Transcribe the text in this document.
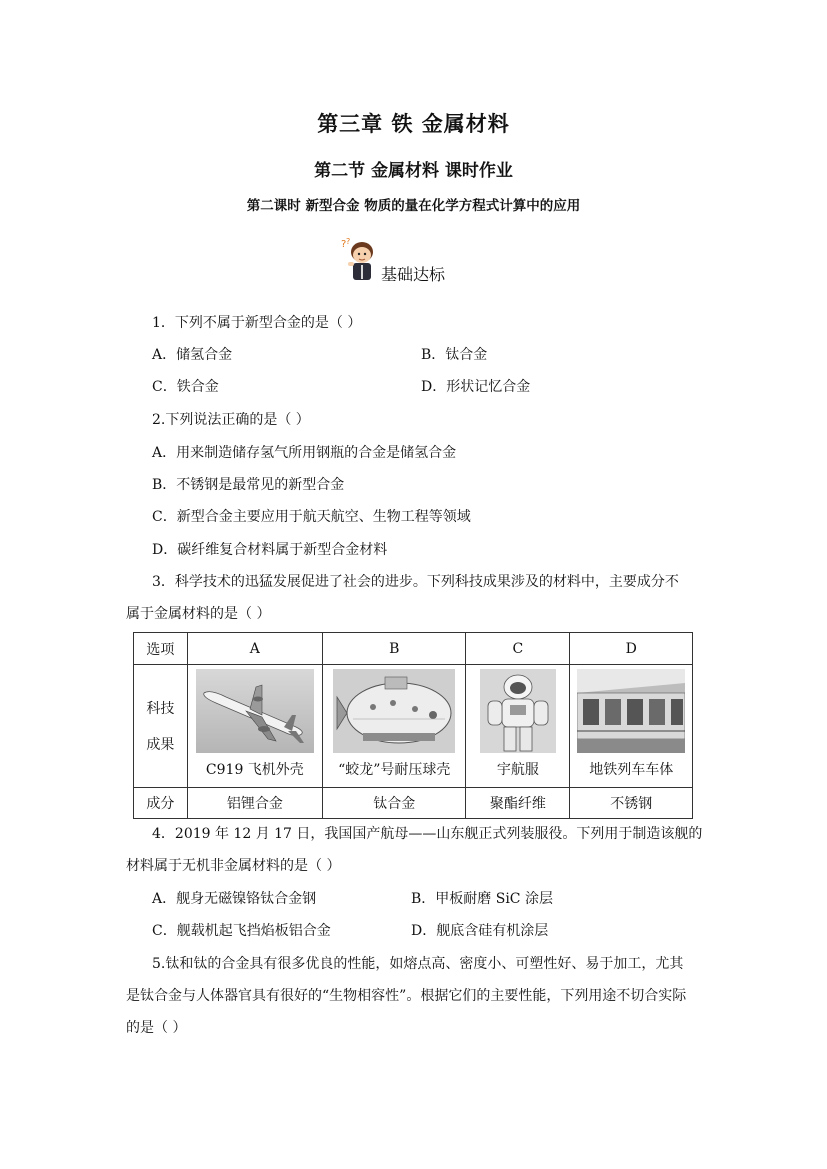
第三章 铁 金属材料
第二节 金属材料 课时作业
第二课时 新型合金 物质的量在化学方程式计算中的应用
? ?
基础达标
1．下列不属于新型合金的是（ ）
A．储氢合金	B．钛合金
C．铁合金	D．形状记忆合金
2.下列说法正确的是（ ）
A．用来制造储存氢气所用钢瓶的合金是储氢合金
B．不锈钢是最常见的新型合金
C．新型合金主要应用于航天航空、生物工程等领域
D．碳纤维复合材料属于新型合金材料
3．科学技术的迅猛发展促进了社会的进步。下列科技成果涉及的材料中，主要成分不
属于金属材料的是（ ）
选项	A	B	C	D
科技

成果	C919 飞机外壳	“蛟龙”号耐压球壳	宇航服	地铁列车车体

成分	铝锂合金	钛合金	聚酯纤维	不锈钢
4．2019 年 12 月 17 日，我国国产航母——山东舰正式列装服役。下列用于制造该舰的
材料属于无机非金属材料的是（ ）
A．舰身无磁镍铬钛合金钢	B．甲板耐磨 SiC 涂层
C．舰载机起飞挡焰板铝合金	D．舰底含硅有机涂层
5.钛和钛的合金具有很多优良的性能，如熔点高、密度小、可塑性好、易于加工，尤其
是钛合金与人体器官具有很好的“生物相容性”。根据它们的主要性能，下列用途不切合实际
的是（ ）
